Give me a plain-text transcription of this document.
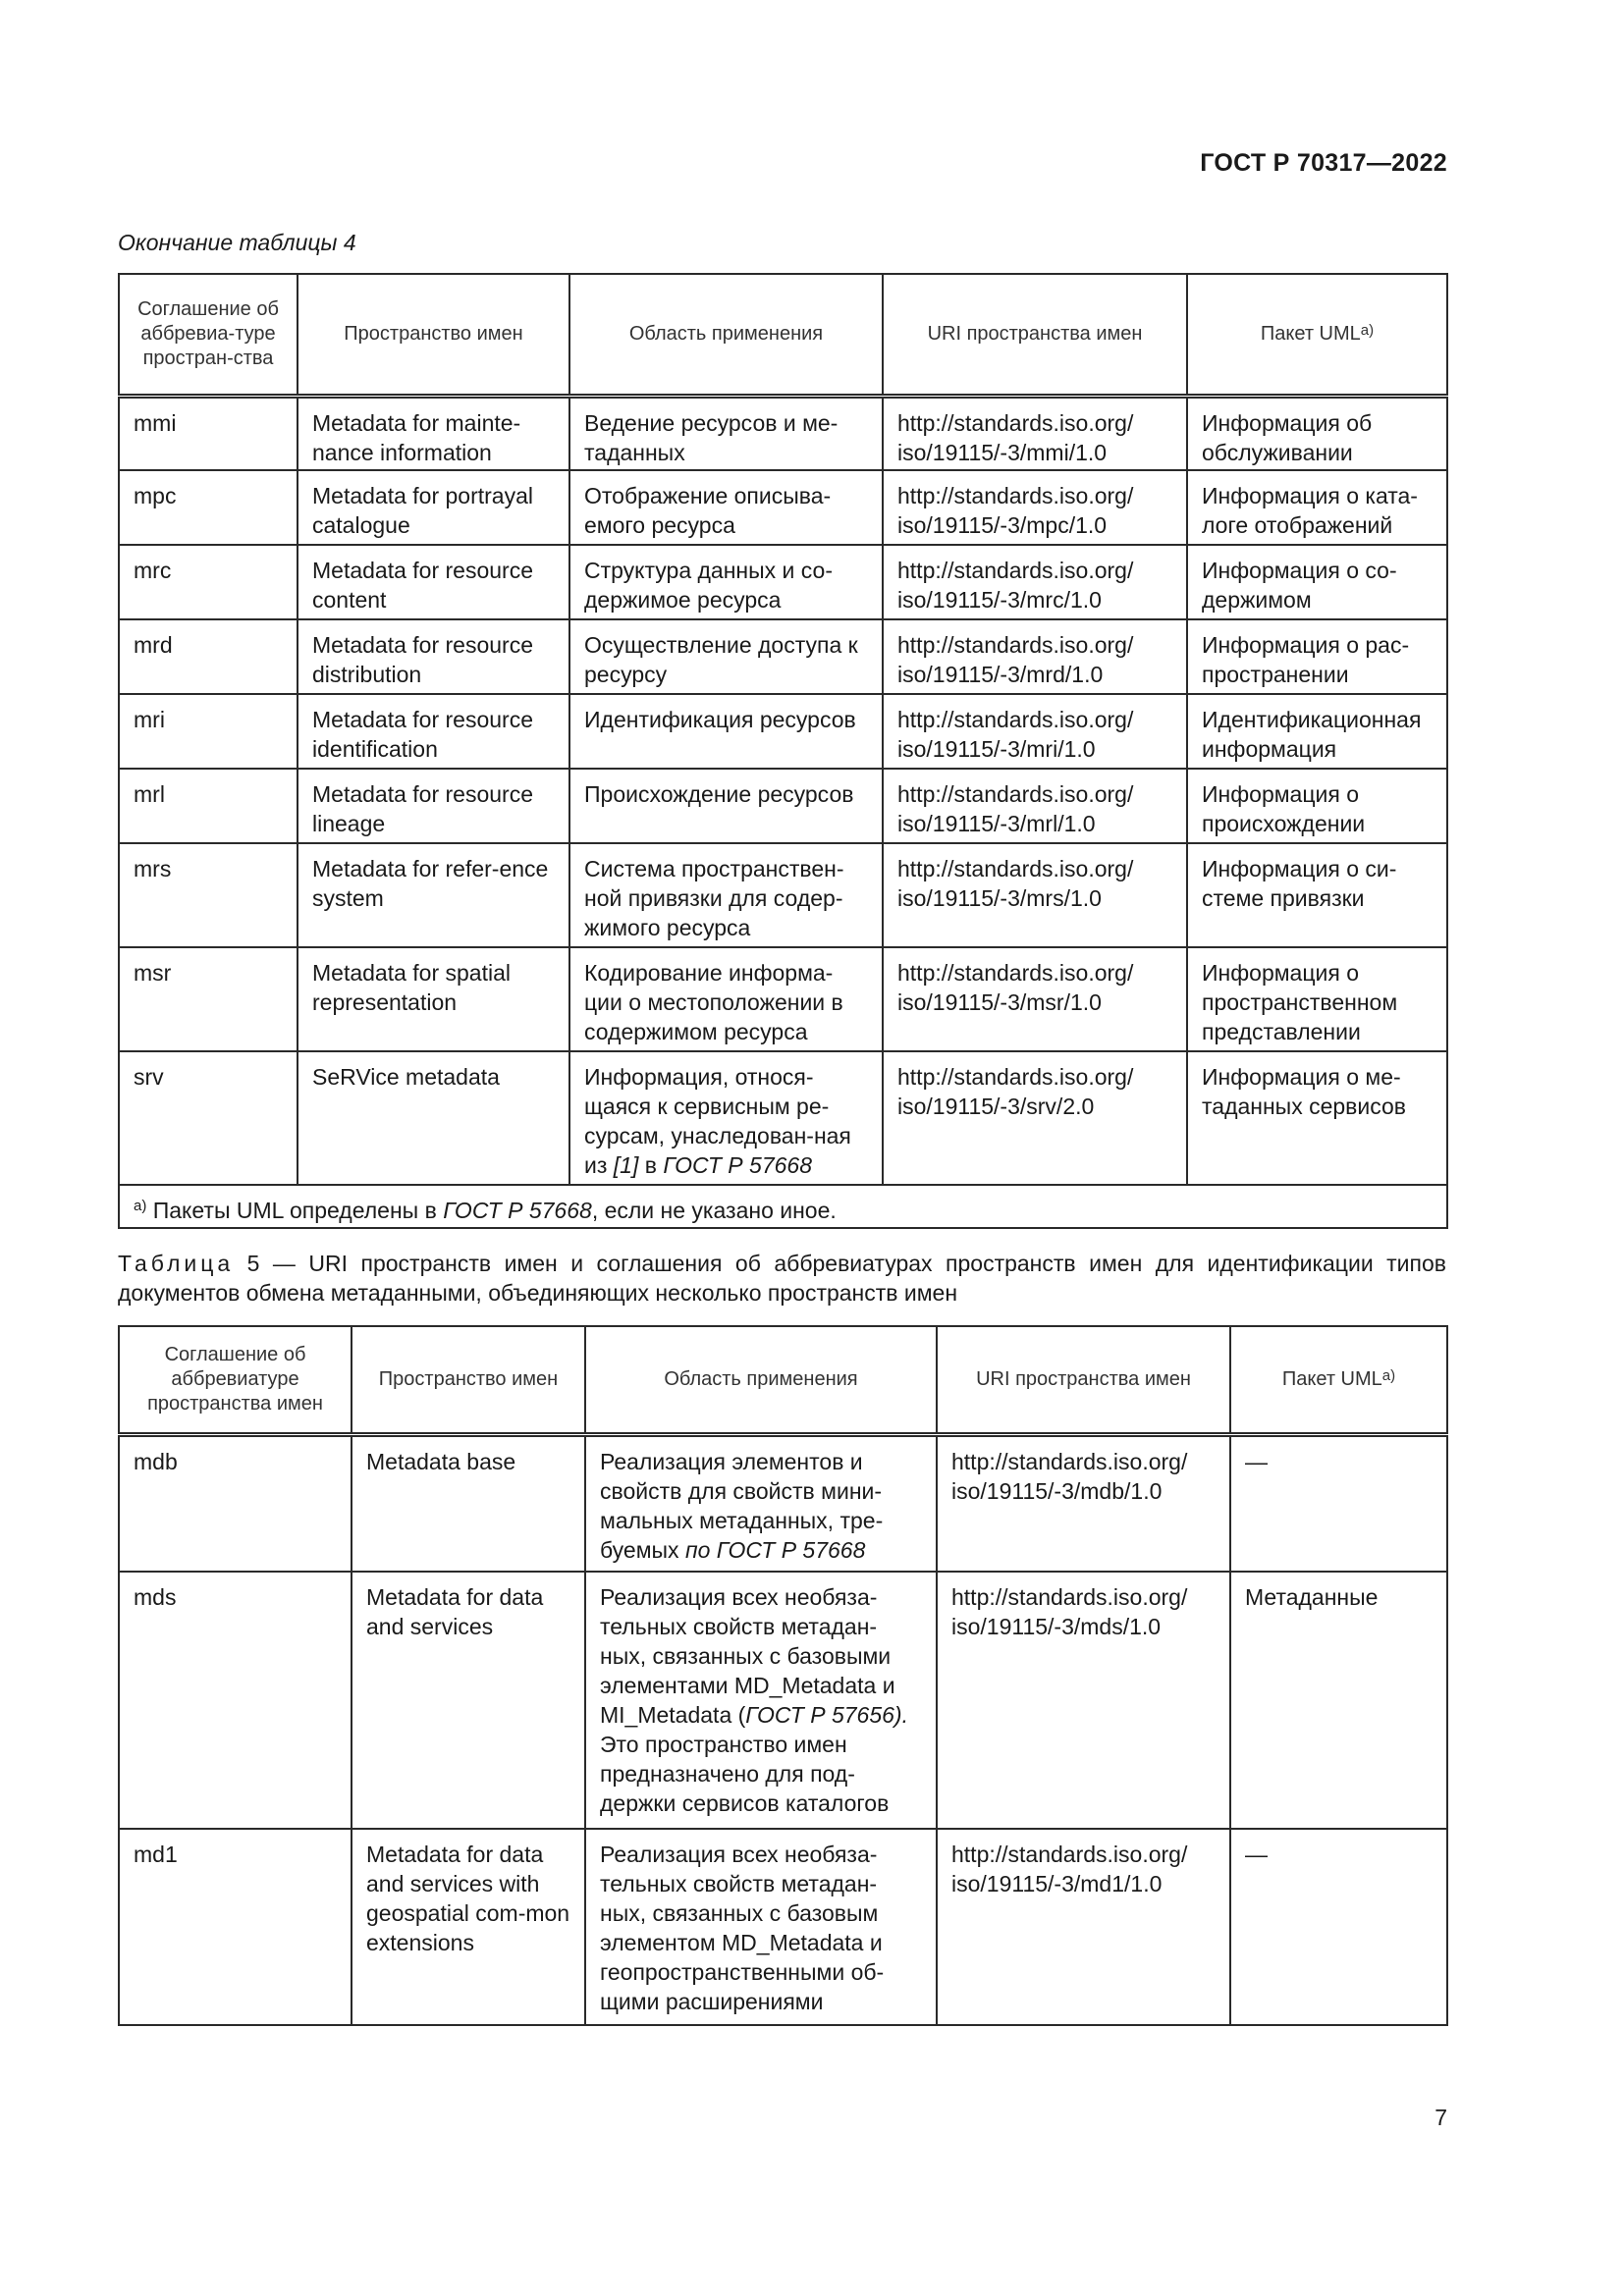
ГОСТ Р 70317—2022
Окончание таблицы 4
Соглашение об аббревиа-туре простран-ства	Пространство имен	Область применения	URI пространства имен	Пакет UML$^{a)}$
mmi	Metadata for mainte-nance information	Ведение ресурсов и ме-таданных	http://standards.iso.org/ iso/19115/-3/mmi/1.0	Информация об обслуживании
mpc	Metadata for portrayal catalogue	Отображение описыва-емого ресурса	http://standards.iso.org/ iso/19115/-3/mpc/1.0	Информация о ката-логе отображений
mrc	Metadata for resource content	Структура данных и со-держимое ресурса	http://standards.iso.org/ iso/19115/-3/mrc/1.0	Информация о со-держимом
mrd	Metadata for resource distribution	Осуществление доступа к ресурсу	http://standards.iso.org/ iso/19115/-3/mrd/1.0	Информация о рас-пространении
mri	Metadata for resource identification	Идентификация ресурсов	http://standards.iso.org/ iso/19115/-3/mri/1.0	Идентификационная информация
mrl	Metadata for resource lineage	Происхождение ресурсов	http://standards.iso.org/ iso/19115/-3/mrl/1.0	Информация о происхождении
mrs	Metadata for refer-ence system	Система пространствен-ной привязки для содер-жимого ресурса	http://standards.iso.org/ iso/19115/-3/mrs/1.0	Информация о си-стеме привязки
msr	Metadata for spatial representation	Кодирование информа-ции о местоположении в содержимом ресурса	http://standards.iso.org/ iso/19115/-3/msr/1.0	Информация о пространственном представлении
srv	SeRVice metadata	Информация, относя-щаяся к сервисным ре-сурсам, унаследован-ная из [1] в ГОСТ Р 57668	http://standards.iso.org/ iso/19115/-3/srv/2.0	Информация о ме-таданных сервисов
$^{a)}$ Пакеты UML определены в ГОСТ Р 57668, если не указано иное.				
Таблица 5 — URI пространств имен и соглашения об аббревиатурах пространств имен для идентификации типов документов обмена метаданными, объединяющих несколько пространств имен
Соглашение об аббревиатуре пространства имен	Пространство имен	Область применения	URI пространства имен	Пакет UML$^{a)}$
mdb	Metadata base	Реализация элементов и свойств для свойств мини-мальных метаданных, тре-буемых по ГОСТ Р 57668	http://standards.iso.org/ iso/19115/-3/mdb/1.0	—
mds	Metadata for data and services	Реализация всех необяза-тельных свойств метадан-ных, связанных с базовыми элементами MD_Metadata и MI_Metadata (ГОСТ Р 57656). Это пространство имен предназначено для под-держки сервисов каталогов	http://standards.iso.org/ iso/19115/-3/mds/1.0	Метаданные
md1	Metadata for data and services with geospatial com-mon extensions	Реализация всех необяза-тельных свойств метадан-ных, связанных с базовым элементом MD_Metadata и геопространственными об-щими расширениями	http://standards.iso.org/ iso/19115/-3/md1/1.0	—
7
